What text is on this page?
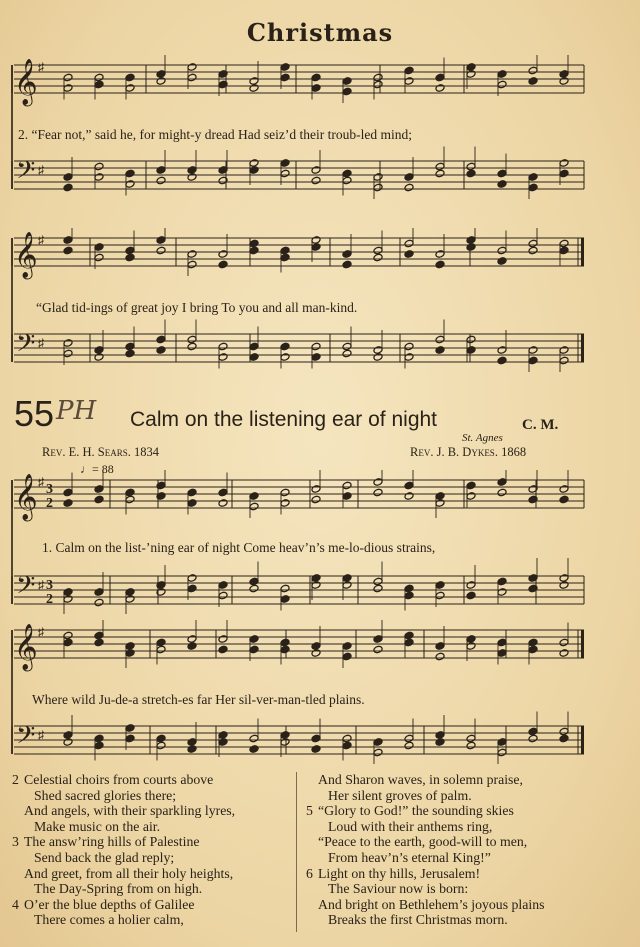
Christmas
𝄞 ♯
𝄢 ♯
2. “Fear not,” said he, for might-y dread Had seiz’d their troub-led mind;
𝄞 ♯
𝄢 ♯
“Glad tid-ings of great joy I bring To you and all man-kind.
55 PH Calm on the listening ear of night	C. M.
St. Agnes
Rev. E. H. Sears. 1834	Rev. J. B. Dykes. 1868
♩= 88
𝄞 ♯ 3
2
𝄢 ♯ 3
2
1. Calm on the list-’ning ear of night Come heav’n’s me-lo-dious strains,
𝄞 ♯
𝄢 ♯
Where wild Ju-de-a stretch-es far Her sil-ver-man-tled plains.
2 Celestial choirs from courts above
Shed sacred glories there;
And angels, with their sparkling lyres,
Make music on the air.
3 The answ’ring hills of Palestine
Send back the glad reply;
And greet, from all their holy heights,
The Day-Spring from on high.
4 O’er the blue depths of Galilee
There comes a holier calm,
And Sharon waves, in solemn praise,
Her silent groves of palm.
5 “Glory to God!” the sounding skies
Loud with their anthems ring,
“Peace to the earth, good-will to men,
From heav’n’s eternal King!”
6 Light on thy hills, Jerusalem!
The Saviour now is born:
And bright on Bethlehem’s joyous plains
Breaks the first Christmas morn.
